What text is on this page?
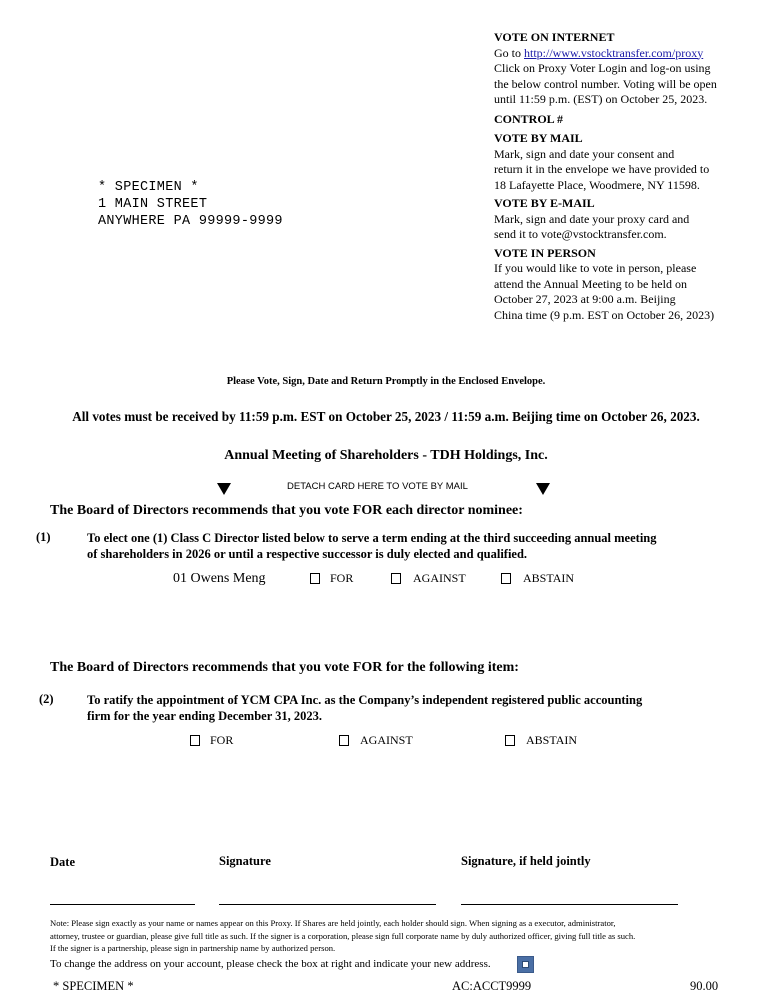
VOTE ON INTERNET
Go to http://www.vstocktransfer.com/proxy
Click on Proxy Voter Login and log-on using
the below control number. Voting will be open
until 11:59 p.m. (EST) on October 25, 2023.
CONTROL #
VOTE BY MAIL
Mark, sign and date your consent and
return it in the envelope we have provided to
18 Lafayette Place, Woodmere, NY 11598.
VOTE BY E-MAIL
Mark, sign and date your proxy card and
send it to vote@vstocktransfer.com.
VOTE IN PERSON
If you would like to vote in person, please
attend the Annual Meeting to be held on
October 27, 2023 at 9:00 a.m. Beijing
China time (9 p.m. EST on October 26, 2023)
* SPECIMEN *
1 MAIN STREET
ANYWHERE PA 99999-9999
Please Vote, Sign, Date and Return Promptly in the Enclosed Envelope.
All votes must be received by 11:59 p.m. EST on October 25, 2023 / 11:59 a.m. Beijing time on October 26, 2023.
Annual Meeting of Shareholders - TDH Holdings, Inc.
DETACH CARD HERE TO VOTE BY MAIL
The Board of Directors recommends that you vote FOR each director nominee:
(1)	To elect one (1) Class C Director listed below to serve a term ending at the third succeeding annual meeting
of shareholders in 2026 or until a respective successor is duly elected and qualified.
01 Owens Meng	FOR	AGAINST	ABSTAIN
The Board of Directors recommends that you vote FOR for the following item:
(2)	To ratify the appointment of YCM CPA Inc. as the Company’s independent registered public accounting
firm for the year ending December 31, 2023.
FOR	AGAINST	ABSTAIN
Date	Signature	Signature, if held jointly
Note: Please sign exactly as your name or names appear on this Proxy. If Shares are held jointly, each holder should sign. When signing as a executor, administrator,
attorney, trustee or guardian, please give full title as such. If the signer is a corporation, please sign full corporate name by duly authorized officer, giving full title as such.
If the signer is a partnership, please sign in partnership name by authorized person.
To change the address on your account, please check the box at right and indicate your new address.
* SPECIMEN *	AC:ACCT9999	90.00
